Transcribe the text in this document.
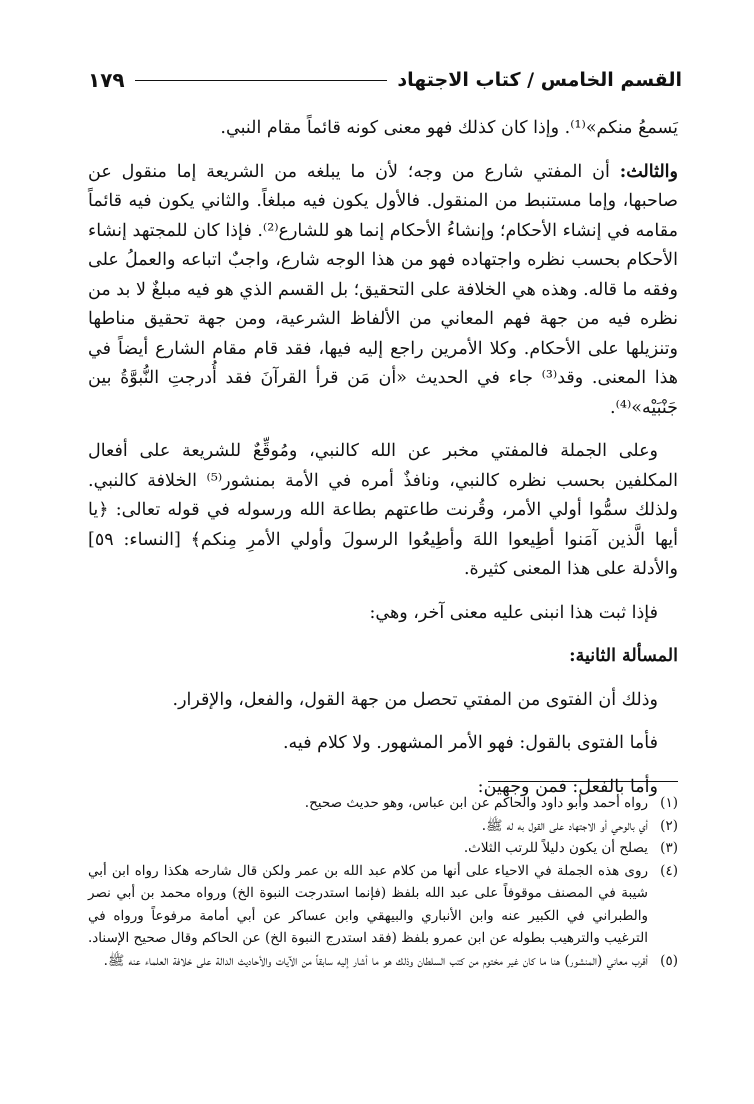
١٧٩	القسم الخامس / كتاب الاجتهاد

يَسمعُ منكم»⁽¹⁾. وإذا كان كذلك فهو معنى كونه قائماً مقام النبي.

والثالث: أن المفتي شارع من وجه؛ لأن ما يبلغه من الشريعة إما منقول عن صاحبها، وإما مستنبط من المنقول. فالأول يكون فيه مبلغاً. والثاني يكون فيه قائماً مقامه في إنشاء الأحكام؛ وإنشاءُ الأحكام إنما هو للشارع⁽²⁾. فإذا كان للمجتهد إنشاء الأحكام بحسب نظره واجتهاده فهو من هذا الوجه شارع، واجبٌ اتباعه والعملُ على وفقه ما قاله. وهذه هي الخلافة على التحقيق؛ بل القسم الذي هو فيه مبلغٌ لا بد من نظره فيه من جهة فهم المعاني من الألفاظ الشرعية، ومن جهة تحقيق مناطها وتنزيلها على الأحكام. وكلا الأمرين راجع إليه فيها، فقد قام مقام الشارع أيضاً في هذا المعنى. وقد⁽³⁾ جاء في الحديث «أن مَن قرأ القرآنَ فقد أُدرجتِ النُّبوَّةُ بين جَنْبَيْه»⁽⁴⁾.

وعلى الجملة فالمفتي مخبر عن الله كالنبي، ومُوقِّعٌ للشريعة على أفعال المكلفين بحسب نظره كالنبي، ونافذٌ أمره في الأمة بمنشور⁽⁵⁾ الخلافة كالنبي. ولذلك سمُّوا أولي الأمر، وقُرنت طاعتهم بطاعة الله ورسوله في قوله تعالى: ﴿يا أيها الَّذين آمَنوا أطِيعوا اللهَ وأطِيعُوا الرسولَ وأولي الأمرِ مِنكم﴾ [النساء: ٥٩] والأدلة على هذا المعنى كثيرة.

فإذا ثبت هذا انبنى عليه معنى آخر، وهي:

المسألة الثانية:

وذلك أن الفتوى من المفتي تحصل من جهة القول، والفعل، والإقرار.

فأما الفتوى بالقول: فهو الأمر المشهور. ولا كلام فيه.

وأما بالفعل: فمن وجهين:

(١)
رواه أحمد وأبو داود والحاكم عن ابن عباس، وهو حديث صحيح.
(٢)
أي بالوحي أو الاجتهاد على القول به له ﷺ.
(٣)
يصلح أن يكون دليلاً للرتب الثلاث.
(٤)
روى هذه الجملة في الاحياء على أنها من كلام عبد الله بن عمر ولكن قال شارحه هكذا رواه ابن أبي شيبة في المصنف موقوفاً على عبد الله بلفظ (فإنما استدرجت النبوة الخ) ورواه محمد بن أبي نصر والطبراني في الكبير عنه وابن الأنباري والبيهقي وابن عساكر عن أبي أمامة مرفوعاً ورواه في الترغيب والترهيب بطوله عن ابن عمرو بلفظ (فقد استدرج النبوة الخ) عن الحاكم وقال صحيح الإسناد.
(٥)
أقرب معاني (المنشور) هنا ما كان غير مختوم من كتب السلطان وذلك هو ما أشار إليه سابقاً من الآيات والأحاديث الدالة على خلافة العلماء عنه ﷺ.
